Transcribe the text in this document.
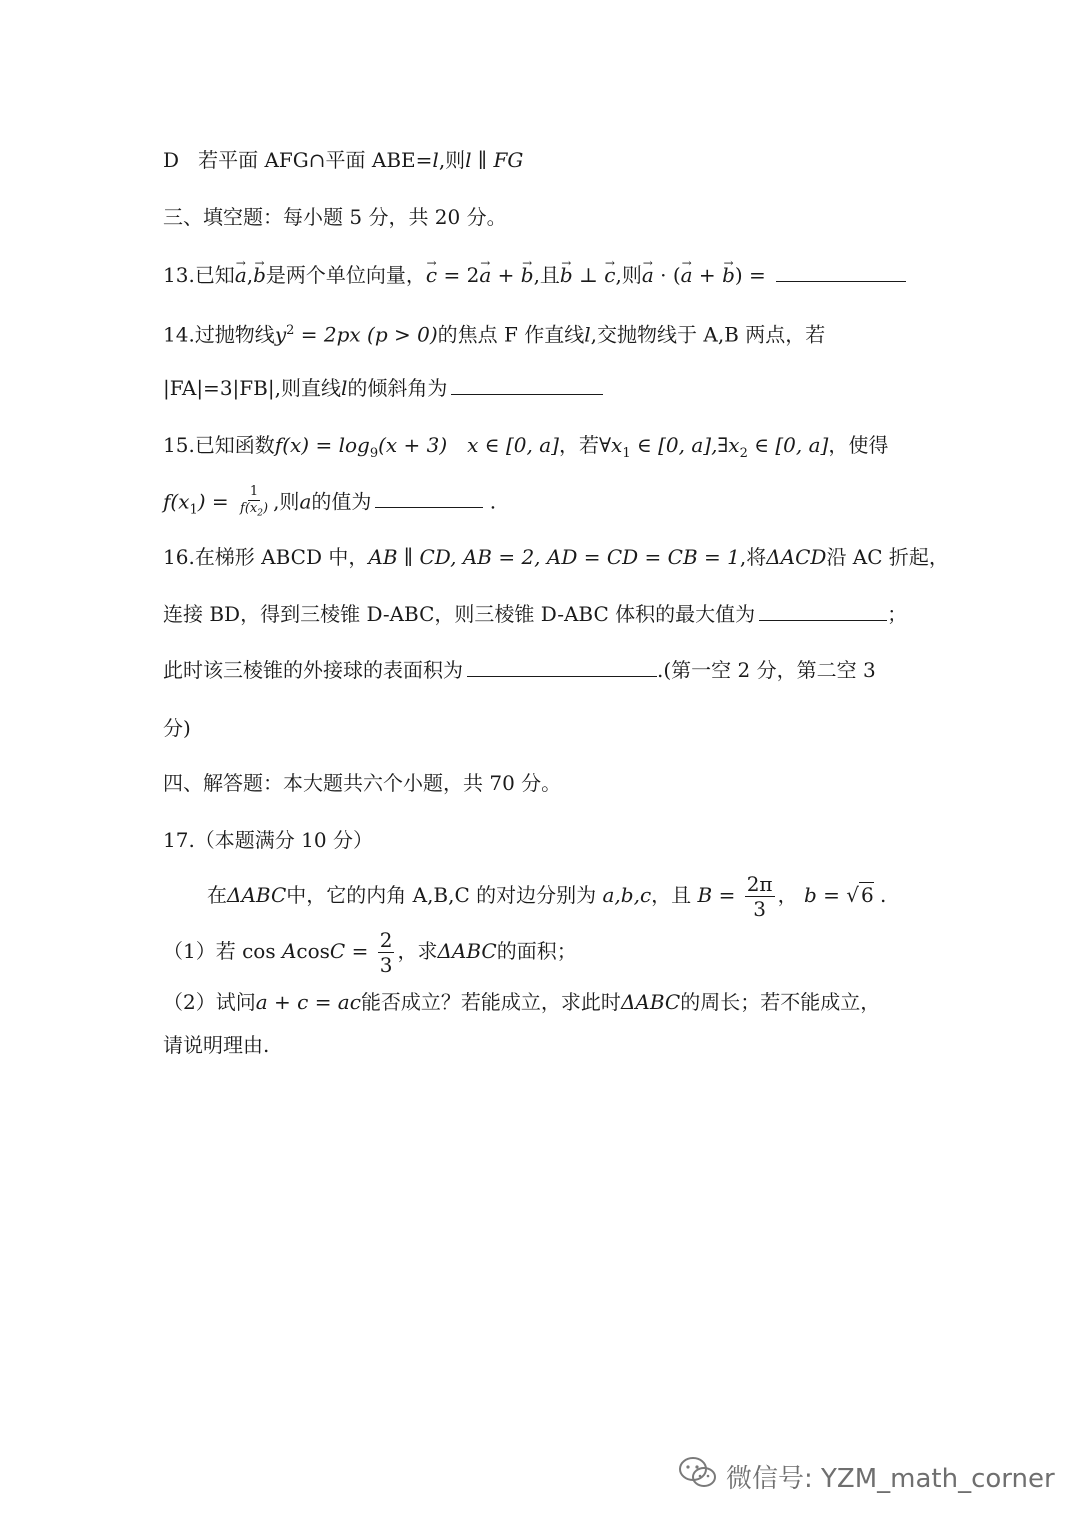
D 若平面 AFG∩平面 ABE=l,则l ∥ FG
三、填空题：每小题 5 分，共 20 分。
13.已知→ a,→ b是两个单位向量，→ c = 2→ a + → b,且→ b ⊥ → c,则→ a · (→ a + → b) =
14.过抛物线$y^2 = 2px$ (p > 0)的焦点 F 作直线l,交抛物线于 A,B 两点，若
|FA|=3|FB|,则直线l的倾斜角为
15.已知函数$f(x) = \log_9(x + 3)$　x ∈ [0, a]，若$\forall x_1$ ∈ [0, $a],\exists x_2$ ∈ [0, a]，使得
$f(x_1) = \frac{1}{f(x_2)}$ ,则a的值为	.
16.在梯形 ABCD 中，AB ∥ CD, AB = 2, AD = CD = CB = 1,将ΔACD沿 AC 折起，
连接 BD，得到三棱锥 D-ABC，则三棱锥 D-ABC 体积的最大值为	；
此时该三棱锥的外接球的表面积为	.(第一空 2 分，第二空 3
分)
四、解答题：本大题共六个小题，共 70 分。
17.（本题满分 10 分）
在ΔABC中，它的内角 A,B,C 的对边分别为 a,b,c，且 $B = \frac{2\pi}{3}$ ， b = √ 6 .
（1）若 $\cos AcosC = \frac{2}{3}$ ，求ΔABC的面积；
（2）试问a + c = ac能否成立？若能成立，求此时ΔABC的周长；若不能成立，
请说明理由.
微信号: YZM_math_corner
